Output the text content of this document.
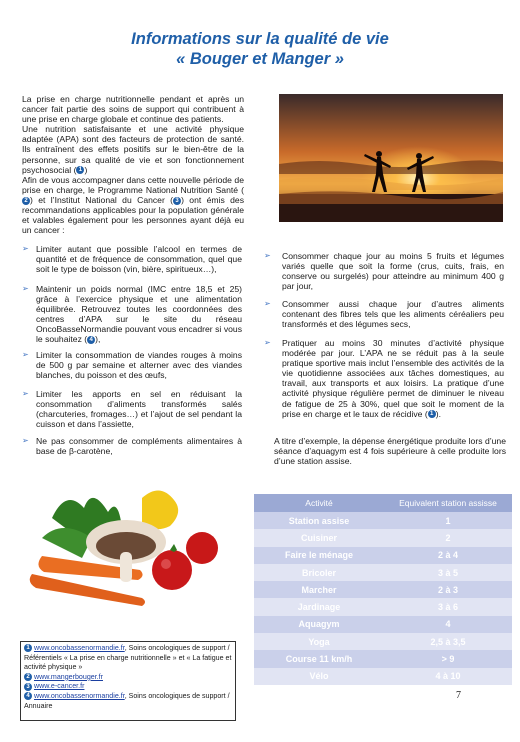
Informations sur la qualité de vie
« Bouger et Manger »

La prise en charge nutritionnelle pendant et après un cancer fait partie des soins de support qui contribuent à une prise en charge globale et continue des patients.

Une nutrition satisfaisante et une activité physique adaptée (APA) sont des facteurs de protection de santé. Ils entraînent des effets positifs sur le bien-être de la personne, sur sa qualité de vie et son fonctionnement psychosocial ( 1 )

Afin de vous accompagner dans cette nouvelle période de prise en charge, le Programme National Nutrition Santé (2 ) et l’Institut National du Cancer ( 3 ) ont émis des recommandations applicables pour la population générale et valables également pour les personnes ayant déjà eu un cancer :

➢ Limiter autant que possible l’alcool en termes de quantité et de fréquence de consommation, quel que soit le type de boisson (vin, bière, spiritueux…),
➢ Maintenir un poids normal (IMC entre 18,5 et 25) grâce à l’exercice physique et une alimentation équilibrée. Retrouvez toutes les coordonnées des centres d’APA sur le site du réseau OncoBasseNormandie pouvant vous encadrer si vous le souhaitez ( 4 ),
➢ Limiter la consommation de viandes rouges à moins de 500 g par semaine et alterner avec des viandes blanches, du poisson et des œufs,
➢ Limiter les apports en sel en réduisant la consommation d’aliments transformés salés (charcuteries, fromages…) et l’ajout de sel pendant la cuisson et dans l’assiette,
➢ Ne pas consommer de compléments alimentaires à base de β-carotène,
➢	Consommer chaque jour au moins 5 fruits et légumes variés quelle que soit la forme (crus, cuits, frais, en conserve ou surgelés) pour atteindre au minimum 400 g par jour,
➢	Consommer aussi chaque jour d’autres aliments contenant des fibres tels que les aliments céréaliers peu transformés et des légumes secs,
➢	Pratiquer au moins 30 minutes d’activité physique modérée par jour. L’APA ne se réduit pas à la seule pratique sportive mais inclut l’ensemble des activités de la vie quotidienne associées aux tâches domestiques, au travail, aux transports et aux loisirs. La pratique d’une activité physique régulière permet de diminuer le niveau de fatigue de 25 à 30%, quel que soit le moment de la prise en charge et le taux de récidive ( 1 ).
A titre d’exemple, la dépense énergétique produite lors d’une séance d’aquagym est 4 fois supérieure à celle produite lors d’une station assise.
Activité	Equivalent station assisse
Station assise	1
Cuisiner	2
Faire le ménage	2 à 4
Bricoler	3 à 5
Marcher	2 à 3
Jardinage	3 à 6
Aquagym	4
Yoga	2,5 à 3,5
Course 11 km/h	> 9
Vélo	4 à 10
1 www.oncobassenormandie.fr, Soins oncologiques de support / Référentiels « La prise en charge nutritionnelle » et « La fatigue et activité physique »
2 www.mangerbouger.fr
3 www.e-cancer.fr
4 www.oncobassenormandie.fr, Soins oncologiques de support / Annuaire
7
